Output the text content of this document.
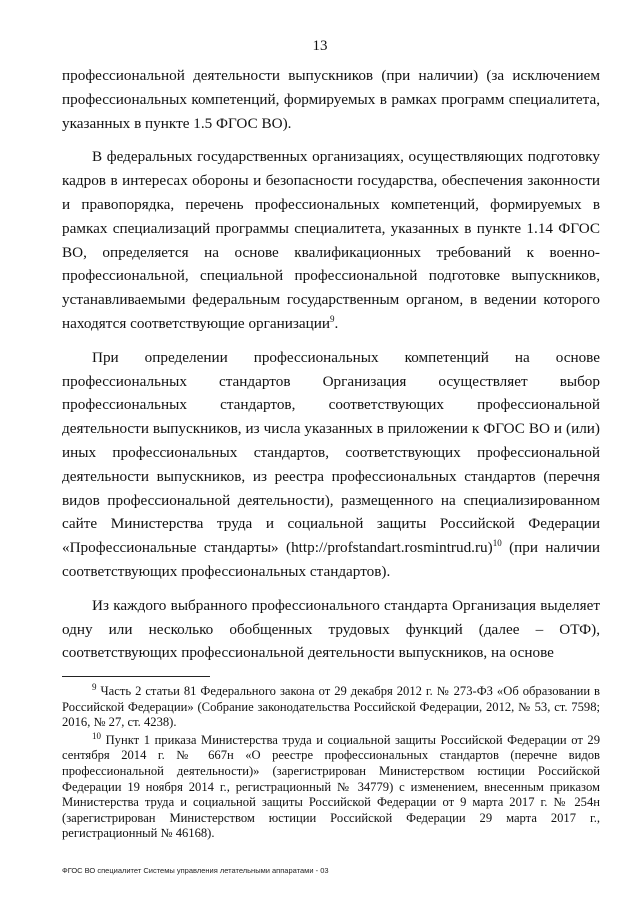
13

профессиональной деятельности выпускников (при наличии) (за исключением профессиональных компетенций, формируемых в рамках программ специалитета, указанных в пункте 1.5 ФГОС ВО).

В федеральных государственных организациях, осуществляющих подготовку кадров в интересах обороны и безопасности государства, обеспечения законности и правопорядка, перечень профессиональных компетенций, формируемых в рамках специализаций программы специалитета, указанных в пункте 1.14 ФГОС ВО, определяется на основе квалификационных требований к военно-профессиональной, специальной профессиональной подготовке выпускников, устанавливаемыми федеральным государственным органом, в ведении которого находятся соответствующие организации$^9$.

При определении профессиональных компетенций на основе профессиональных стандартов Организация осуществляет выбор профессиональных стандартов, соответствующих профессиональной деятельности выпускников, из числа указанных в приложении к ФГОС ВО и (или) иных профессиональных стандартов, соответствующих профессиональной деятельности выпускников, из реестра профессиональных стандартов (перечня видов профессиональной деятельности), размещенного на специализированном сайте Министерства труда и социальной защиты Российской Федерации «Профессиональные стандарты» (http://profstandart.rosmintrud.ru)$^{10}$ (при наличии соответствующих профессиональных стандартов).

Из каждого выбранного профессионального стандарта Организация выделяет одну или несколько обобщенных трудовых функций (далее – ОТФ), соответствующих профессиональной деятельности выпускников, на основе

$^9$ Часть 2 статьи 81 Федерального закона от 29 декабря 2012 г. № 273-ФЗ «Об образовании в Российской Федерации» (Собрание законодательства Российской Федерации, 2012, № 53, ст. 7598; 2016, № 27, ст. 4238).

$^{10}$ Пункт 1 приказа Министерства труда и социальной защиты Российской Федерации от 29 сентября 2014 г. № 667н «О реестре профессиональных стандартов (перечне видов профессиональной деятельности)» (зарегистрирован Министерством юстиции Российской Федерации 19 ноября 2014 г., регистрационный № 34779) с изменением, внесенным приказом Министерства труда и социальной защиты Российской Федерации от 9 марта 2017 г. № 254н (зарегистрирован Министерством юстиции Российской Федерации 29 марта 2017 г., регистрационный № 46168).

ФГОС ВО специалитет Системы управления летательными аппаратами - 03
